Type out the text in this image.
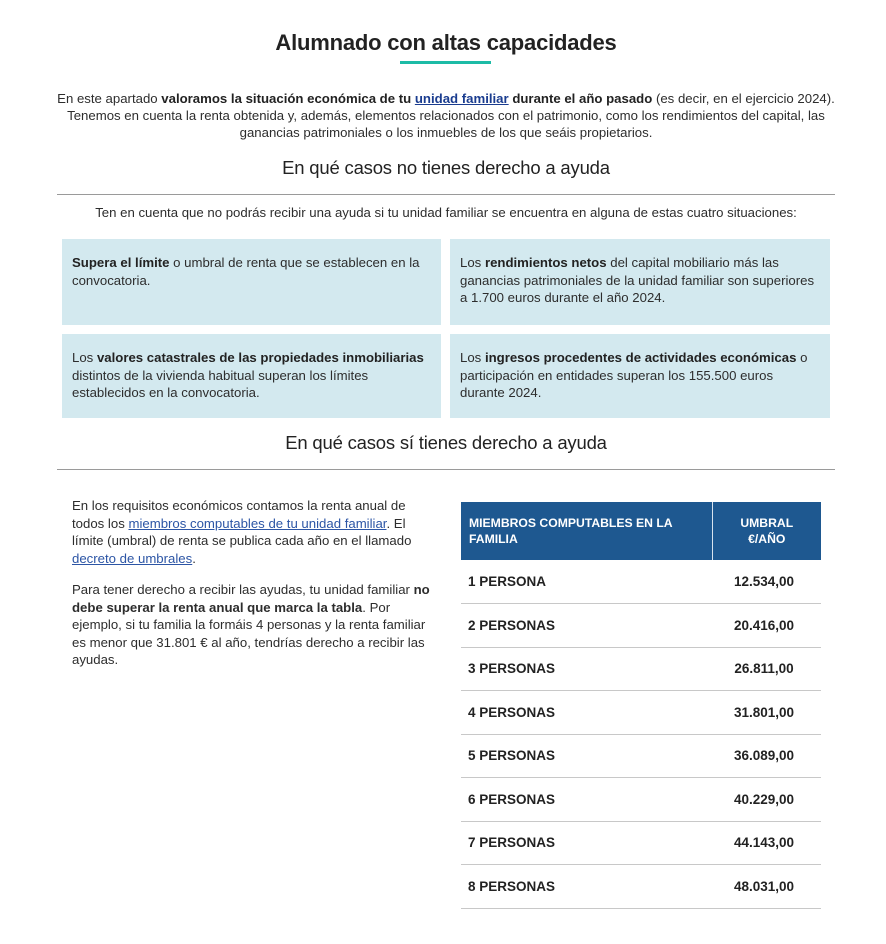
Alumnado con altas capacidades

En este apartado valoramos la situación económica de tu unidad familiar durante el año pasado (es decir, en el ejercicio 2024). Tenemos en cuenta la renta obtenida y, además, elementos relacionados con el patrimonio, como los rendimientos del capital, las ganancias patrimoniales o los inmuebles de los que seáis propietarios.

En qué casos no tienes derecho a ayuda

Ten en cuenta que no podrás recibir una ayuda si tu unidad familiar se encuentra en alguna de estas cuatro situaciones:

Supera el límite o umbral de renta que se establecen en la convocatoria.
Los rendimientos netos del capital mobiliario más las ganancias patrimoniales de la unidad familiar son superiores a 1.700 euros durante el año 2024.
Los valores catastrales de las propiedades inmobiliarias distintos de la vivienda habitual superan los límites establecidos en la convocatoria.
Los ingresos procedentes de actividades económicas o participación en entidades superan los 155.500 euros durante 2024.
En qué casos sí tienes derecho a ayuda

En los requisitos económicos contamos la renta anual de todos los miembros computables de tu unidad familiar. El límite (umbral) de renta se publica cada año en el llamado decreto de umbrales.

Para tener derecho a recibir las ayudas, tu unidad familiar no debe superar la renta anual que marca la tabla. Por ejemplo, si tu familia la formáis 4 personas y la renta familiar es menor que 31.801 € al año, tendrías derecho a recibir las ayudas.

MIEMBROS COMPUTABLES EN LA FAMILIA	UMBRAL €/AÑO
1 PERSONA	12.534,00
2 PERSONAS	20.416,00
3 PERSONAS	26.811,00
4 PERSONAS	31.801,00
5 PERSONAS	36.089,00
6 PERSONAS	40.229,00
7 PERSONAS	44.143,00
8 PERSONAS	48.031,00
